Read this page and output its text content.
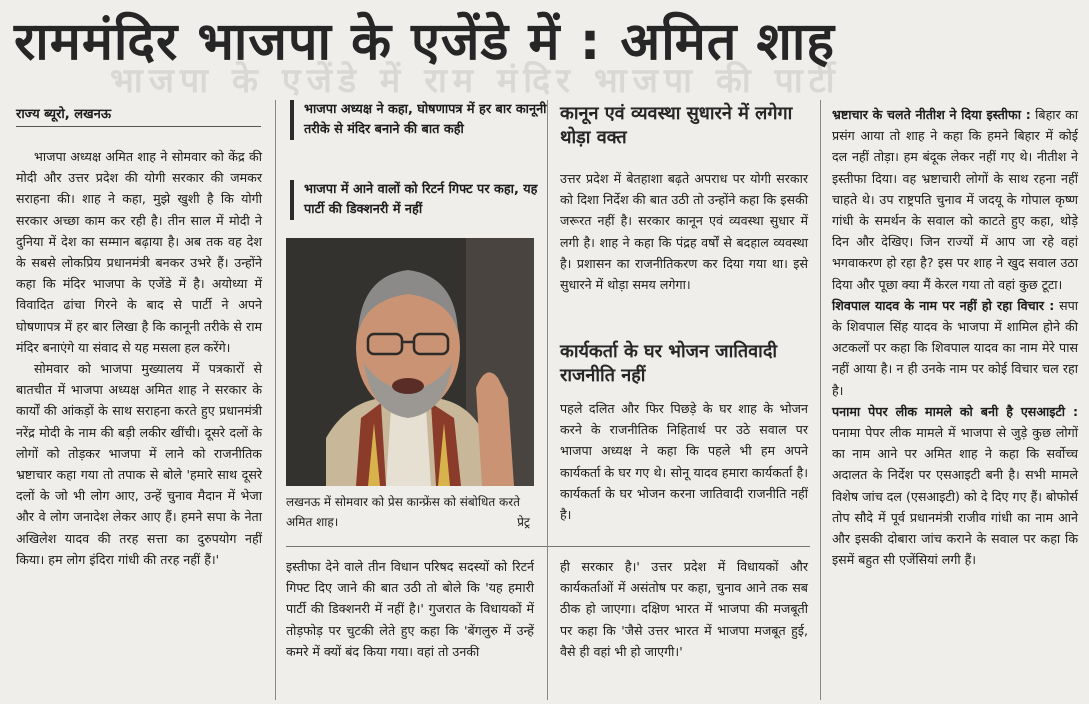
भाजपा के एजेंडे में राम मंदिर भाजपा की पार्टी
राममंदिर भाजपा के एजेंडे में : अमित शाह
राज्य ब्यूरो, लखनऊ

भाजपा अध्यक्ष अमित शाह ने सोमवार को केंद्र की मोदी और उत्तर प्रदेश की योगी सरकार की जमकर सराहना की। शाह ने कहा, मुझे खुशी है कि योगी सरकार अच्छा काम कर रही है। तीन साल में मोदी ने दुनिया में देश का सम्मान बढ़ाया है। अब तक वह देश के सबसे लोकप्रिय प्रधानमंत्री बनकर उभरे हैं। उन्होंने कहा कि मंदिर भाजपा के एजेंडे में है। अयोध्या में विवादित ढांचा गिरने के बाद से पार्टी ने अपने घोषणापत्र में हर बार लिखा है कि कानूनी तरीके से राम मंदिर बनाएंगे या संवाद से यह मसला हल करेंगे।

सोमवार को भाजपा मुख्यालय में पत्रकारों से बातचीत में भाजपा अध्यक्ष अमित शाह ने सरकार के कार्यों की आंकड़ों के साथ सराहना करते हुए प्रधानमंत्री नरेंद्र मोदी के नाम की बड़ी लकीर खींची। दूसरे दलों के लोगों को तोड़कर भाजपा में लाने को राजनीतिक भ्रष्टाचार कहा गया तो तपाक से बोले 'हमारे साथ दूसरे दलों के जो भी लोग आए, उन्हें चुनाव मैदान में भेजा और वे लोग जनादेश लेकर आए हैं। हमने सपा के नेता अखिलेश यादव की तरह सत्ता का दुरुपयोग नहीं किया। हम लोग इंदिरा गांधी की तरह नहीं हैं।'

भाजपा अध्यक्ष ने कहा, घोषणापत्र में हर बार कानूनी तरीके से मंदिर बनाने की बात कही
भाजपा में आने वालों को रिटर्न गिफ्ट पर कहा, यह पार्टी की डिक्शनरी में नहीं
लखनऊ में सोमवार को प्रेस कान्फ्रेंस को संबोधित करते अमित शाह।	प्रेट्र
इस्तीफा देने वाले तीन विधान परिषद सदस्यों को रिटर्न गिफ्ट दिए जाने की बात उठी तो बोले कि 'यह हमारी पार्टी की डिक्शनरी में नहीं है।' गुजरात के विधायकों में तोड़फोड़ पर चुटकी लेते हुए कहा कि 'बेंगलुरु में उन्हें कमरे में क्यों बंद किया गया। वहां तो उनकी
कानून एवं व्यवस्था सुधारने में लगेगा थोड़ा वक्त
उत्तर प्रदेश में बेतहाशा बढ़ते अपराध पर योगी सरकार को दिशा निर्देश की बात उठी तो उन्होंने कहा कि इसकी जरूरत नहीं है। सरकार कानून एवं व्यवस्था सुधार में लगी है। शाह ने कहा कि पंद्रह वर्षों से बदहाल व्यवस्था है। प्रशासन का राजनीतिकरण कर दिया गया था। इसे सुधारने में थोड़ा समय लगेगा।
कार्यकर्ता के घर भोजन जातिवादी राजनीति नहीं
पहले दलित और फिर पिछड़े के घर शाह के भोजन करने के राजनीतिक निहितार्थ पर उठे सवाल पर भाजपा अध्यक्ष ने कहा कि पहले भी हम अपने कार्यकर्ता के घर गए थे। सोनू यादव हमारा कार्यकर्ता है। कार्यकर्ता के घर भोजन करना जातिवादी राजनीति नहीं है।
ही सरकार है।' उत्तर प्रदेश में विधायकों और कार्यकर्ताओं में असंतोष पर कहा, चुनाव आने तक सब ठीक हो जाएगा। दक्षिण भारत में भाजपा की मजबूती पर कहा कि 'जैसे उत्तर भारत में भाजपा मजबूत हुई, वैसे ही वहां भी हो जाएगी।'

भ्रष्टाचार के चलते नीतीश ने दिया इस्तीफा : बिहार का प्रसंग आया तो शाह ने कहा कि हमने बिहार में कोई दल नहीं तोड़ा। हम बंदूक लेकर नहीं गए थे। नीतीश ने इस्तीफा दिया। वह भ्रष्टाचारी लोगों के साथ रहना नहीं चाहते थे। उप राष्ट्रपति चुनाव में जदयू के गोपाल कृष्ण गांधी के समर्थन के सवाल को काटते हुए कहा, थोड़े दिन और देखिए। जिन राज्यों में आप जा रहे वहां भगवाकरण हो रहा है? इस पर शाह ने खुद सवाल उठा दिया और पूछा क्या मैं केरल गया तो वहां कुछ टूटा।

शिवपाल यादव के नाम पर नहीं हो रहा विचार : सपा के शिवपाल सिंह यादव के भाजपा में शामिल होने की अटकलों पर कहा कि शिवपाल यादव का नाम मेरे पास नहीं आया है। न ही उनके नाम पर कोई विचार चल रहा है।

पनामा पेपर लीक मामले को बनी है एसआइटी : पनामा पेपर लीक मामले में भाजपा से जुड़े कुछ लोगों का नाम आने पर अमित शाह ने कहा कि सर्वोच्च अदालत के निर्देश पर एसआइटी बनी है। सभी मामले विशेष जांच दल (एसआइटी) को दे दिए गए हैं। बोफोर्स तोप सौदे में पूर्व प्रधानमंत्री राजीव गांधी का नाम आने और इसकी दोबारा जांच कराने के सवाल पर कहा कि इसमें बहुत सी एजेंसियां लगी हैं।
